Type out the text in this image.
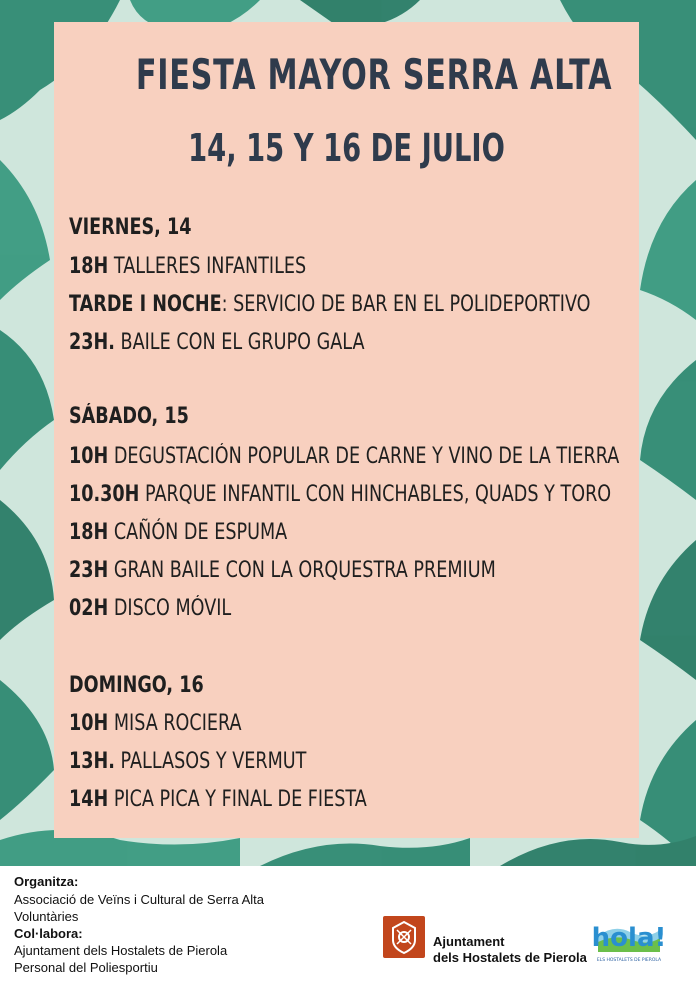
FIESTA MAYOR SERRA ALTA
14, 15 Y 16 DE JULIO
VIERNES, 14
18H TALLERES INFANTILES
TARDE I NOCHE: SERVICIO DE BAR EN EL POLIDEPORTIVO
23H. BAILE CON EL GRUPO GALA
SÁBADO, 15
10H DEGUSTACIÓN POPULAR DE CARNE Y VINO DE LA TIERRA
10.30H PARQUE INFANTIL CON HINCHABLES, QUADS Y TORO
18H CAÑÓN DE ESPUMA
23H GRAN BAILE CON LA ORQUESTRA PREMIUM
02H DISCO MÓVIL
DOMINGO, 16
10H MISA ROCIERA
13H. PALLASOS Y VERMUT
14H PICA PICA Y FINAL DE FIESTA
Organitza:
Associació de Veïns i Cultural de Serra Alta
Voluntàries
Col·labora:
Ajuntament dels Hostalets de Pierola
Personal del Poliesportiu
Ajuntament
dels Hostalets de Pierola
hola!
ELS HOSTALETS DE PIEROLA
